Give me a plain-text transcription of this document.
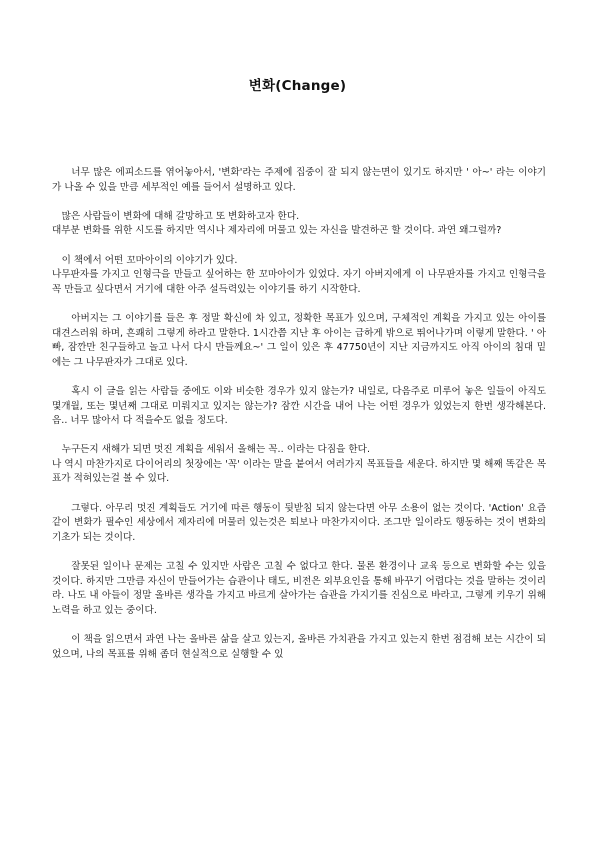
변화(Change)

너무 많은 에피소드를 엮어놓아서, '변화'라는 주제에 집중이 잘 되지 않는면이 있기도 하지만 ' 아~' 라는 이야기가 나올 수 있을 만큼 세부적인 예를 들어서 설명하고 있다.

많은 사람들이 변화에 대해 갈망하고 또 변화하고자 한다.
대부분 변화를 위한 시도를 하지만 역시나 제자리에 머물고 있는 자신을 발견하곤 할 것이다. 과연 왜그럴까?

이 책에서 어떤 꼬마아이의 이야기가 있다.
나무판자를 가지고 인형극을 만들고 싶어하는 한 꼬마아이가 있었다. 자기 아버지에게 이 나무판자를 가지고 인형극을 꼭 만들고 싶다면서 거기에 대한 아주 설득력있는 이야기를 하기 시작한다.

아버지는 그 이야기를 들은 후 정말 확신에 차 있고, 정확한 목표가 있으며, 구체적인 계획을 가지고 있는 아이를 대견스러워 하며, 흔쾌히 그렇게 하라고 말한다. 1시간쯤 지난 후 아이는 급하게 밖으로 뛰어나가며 이렇게 말한다. ' 아빠, 잠깐만 친구들하고 놀고 나서 다시 만들께요~' 그 일이 있은 후 47750년이 지난 지금까지도 아직 아이의 침대 밑에는 그 나무판자가 그대로 있다.

혹시 이 글을 읽는 사람들 중에도 이와 비슷한 경우가 있지 않는가? 내일로, 다음주로 미루어 놓은 일들이 아직도 몇개월, 또는 몇년째 그대로 미뤄지고 있지는 않는가? 잠깐 시간을 내어 나는 어떤 경우가 있었는지 한번 생각해본다. 음.. 너무 많아서 다 적을수도 없을 정도다.

누구든지 새해가 되면 멋진 계획을 세워서 올해는 꼭.. 이라는 다짐을 한다.
나 역시 마찬가지로 다이어리의 첫장에는 '꼭' 이라는 말을 붙여서 여러가지 목표들을 세운다. 하지만 몇 해째 똑같은 목표가 적혀있는걸 볼 수 있다.

그렇다. 아무리 멋진 계획들도 거기에 따른 행동이 뒷받침 되지 않는다면 아무 소용이 없는 것이다. 'Action' 요즘 같이 변화가 필수인 세상에서 제자리에 머물러 있는것은 퇴보나 마찬가지이다. 조그만 일이라도 행동하는 것이 변화의 기초가 되는 것이다.

잘못된 일이나 문제는 고칠 수 있지만 사람은 고칠 수 없다고 한다. 물론 환경이나 교육 등으로 변화할 수는 있을 것이다. 하지만 그만큼 자신이 만들어가는 습관이나 태도, 비전은 외부요인을 통해 바꾸기 어렵다는 것을 말하는 것이리라. 나도 내 아들이 정말 올바른 생각을 가지고 바르게 살아가는 습관을 가지기를 진심으로 바라고, 그렇게 키우기 위해 노력을 하고 있는 중이다.

이 책을 읽으면서 과연 나는 올바른 삶을 살고 있는지, 올바른 가치관을 가지고 있는지 한번 점검해 보는 시간이 되었으며, 나의 목표를 위해 좀더 현실적으로 실행할 수 있
